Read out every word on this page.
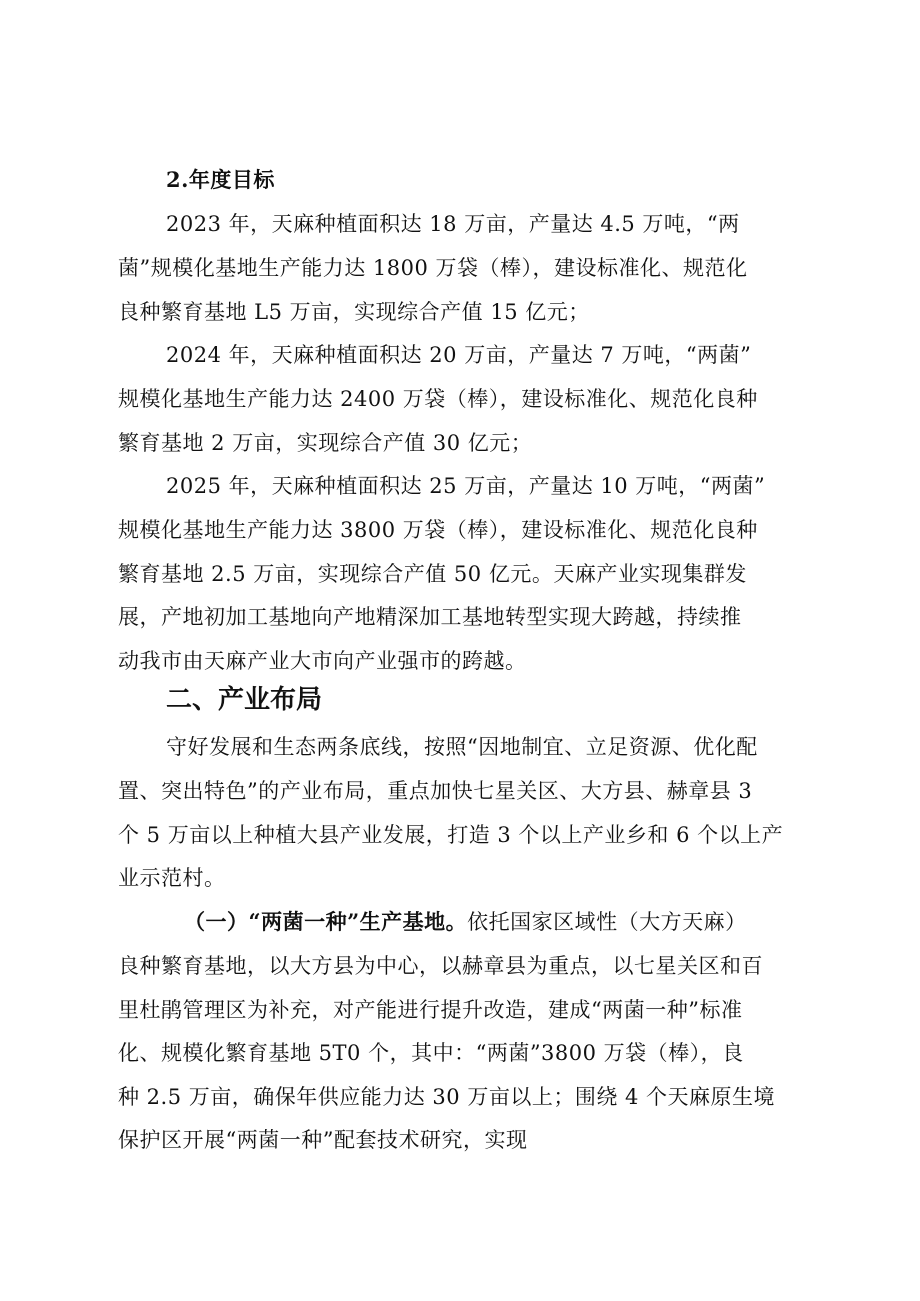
2.年度目标
2023 年，天麻种植面积达 18 万亩，产量达 4.5 万吨，“两
菌”规模化基地生产能力达 1800 万袋（棒），建设标准化、规范化
良种繁育基地 L5 万亩，实现综合产值 15 亿元；
2024 年，天麻种植面积达 20 万亩，产量达 7 万吨，“两菌”
规模化基地生产能力达 2400 万袋（棒），建设标准化、规范化良种
繁育基地 2 万亩，实现综合产值 30 亿元；
2025 年，天麻种植面积达 25 万亩，产量达 10 万吨，“两菌”
规模化基地生产能力达 3800 万袋（棒），建设标准化、规范化良种
繁育基地 2.5 万亩，实现综合产值 50 亿元。天麻产业实现集群发
展，产地初加工基地向产地精深加工基地转型实现大跨越，持续推
动我市由天麻产业大市向产业强市的跨越。
二、产业布局
守好发展和生态两条底线，按照“因地制宜、立足资源、优化配
置、突出特色”的产业布局，重点加快七星关区、大方县、赫章县 3
个 5 万亩以上种植大县产业发展，打造 3 个以上产业乡和 6 个以上产
业示范村。
（一）“两菌一种”生产基地。依托国家区域性（大方天麻）
良种繁育基地，以大方县为中心，以赫章县为重点，以七星关区和百
里杜鹃管理区为补充，对产能进行提升改造，建成“两菌一种”标准
化、规模化繁育基地 5T0 个，其中：“两菌”3800 万袋（棒），良
种 2.5 万亩，确保年供应能力达 30 万亩以上；围绕 4 个天麻原生境
保护区开展“两菌一种”配套技术研究，实现
